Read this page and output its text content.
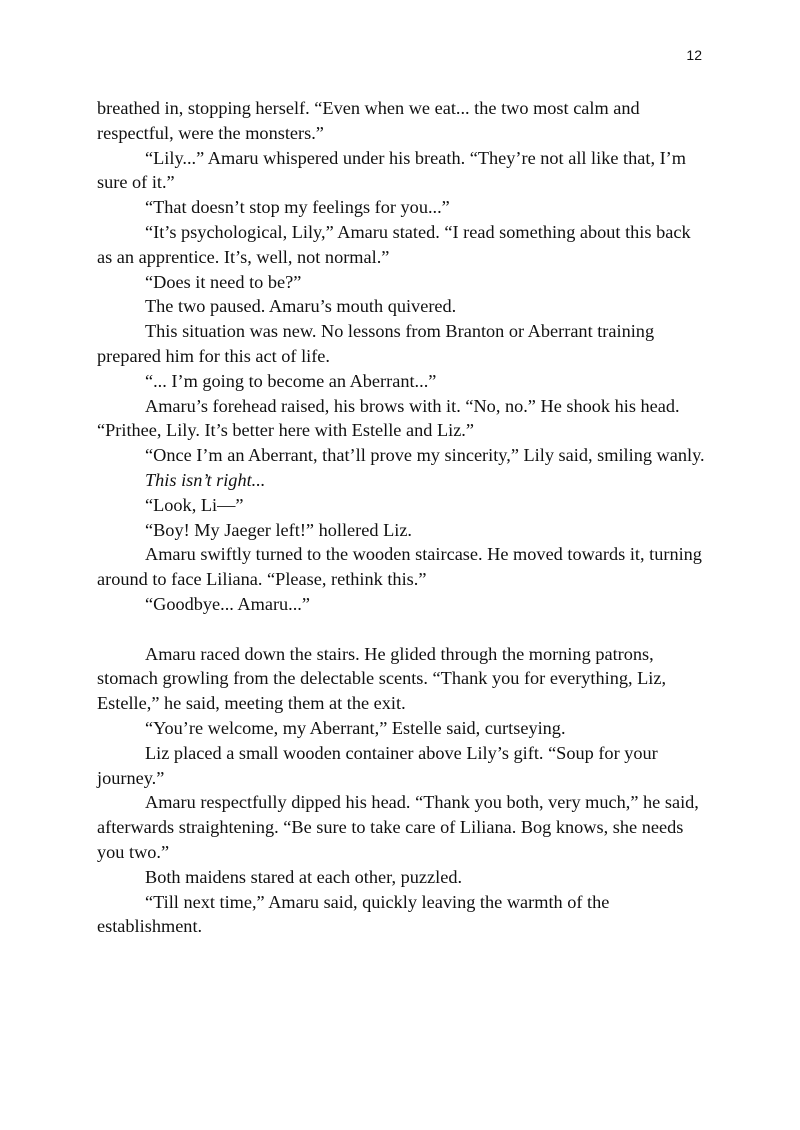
12

breathed in, stopping herself. “Even when we eat... the two most calm and respectful, were the monsters.”

“Lily...” Amaru whispered under his breath. “They’re not all like that, I’m sure of it.”

“That doesn’t stop my feelings for you...”

“It’s psychological, Lily,” Amaru stated. “I read something about this back as an apprentice. It’s, well, not normal.”

“Does it need to be?”

The two paused. Amaru’s mouth quivered.

This situation was new. No lessons from Branton or Aberrant training prepared him for this act of life.

“... I’m going to become an Aberrant...”

Amaru’s forehead raised, his brows with it. “No, no.” He shook his head. “Prithee, Lily. It’s better here with Estelle and Liz.”

“Once I’m an Aberrant, that’ll prove my sincerity,” Lily said, smiling wanly.

This isn’t right...

“Look, Li—”

“Boy! My Jaeger left!” hollered Liz.

Amaru swiftly turned to the wooden staircase. He moved towards it, turning around to face Liliana. “Please, rethink this.”

“Goodbye... Amaru...”

Amaru raced down the stairs. He glided through the morning patrons, stomach growling from the delectable scents. “Thank you for everything, Liz, Estelle,” he said, meeting them at the exit.

“You’re welcome, my Aberrant,” Estelle said, curtseying.

Liz placed a small wooden container above Lily’s gift. “Soup for your journey.”

Amaru respectfully dipped his head. “Thank you both, very much,” he said, afterwards straightening. “Be sure to take care of Liliana. Bog knows, she needs you two.”

Both maidens stared at each other, puzzled.

“Till next time,” Amaru said, quickly leaving the warmth of the establishment.
